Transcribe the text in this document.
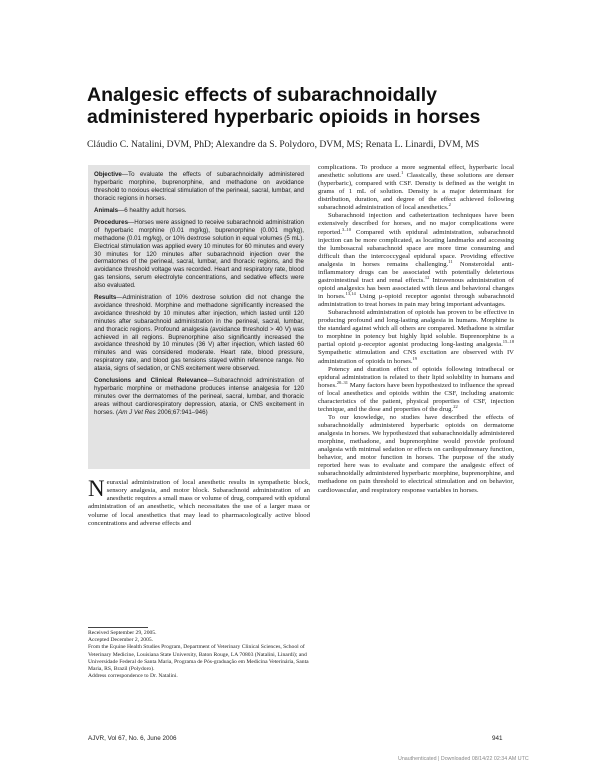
Analgesic effects of subarachnoidally
administered hyperbaric opioids in horses
Cláudio C. Natalini, DVM, PhD; Alexandre da S. Polydoro, DVM, MS; Renata L. Linardi, DVM, MS

Objective—To evaluate the effects of subarachnoidally administered hyperbaric morphine, buprenorphine, and methadone on avoidance threshold to noxious electrical stimulation of the perineal, sacral, lumbar, and thoracic regions in horses.

Animals—6 healthy adult horses.

Procedures—Horses were assigned to receive subarachnoid administration of hyperbaric morphine (0.01 mg/kg), buprenorphine (0.001 mg/kg), methadone (0.01 mg/kg), or 10% dextrose solution in equal volumes (5 mL). Electrical stimulation was applied every 10 minutes for 60 minutes and every 30 minutes for 120 minutes after subarachnoid injection over the dermatomes of the perineal, sacral, lumbar, and thoracic regions, and the avoidance threshold voltage was recorded. Heart and respiratory rate, blood gas tensions, serum electrolyte concentrations, and sedative effects were also evaluated.

Results—Administration of 10% dextrose solution did not change the avoidance threshold. Morphine and methadone significantly increased the avoidance threshold by 10 minutes after injection, which lasted until 120 minutes after subarachnoid administration in the perineal, sacral, lumbar, and thoracic regions. Profound analgesia (avoidance threshold > 40 V) was achieved in all regions. Buprenorphine also significantly increased the avoidance threshold by 10 minutes (36 V) after injection, which lasted 60 minutes and was considered moderate. Heart rate, blood pressure, respiratory rate, and blood gas tensions stayed within reference range. No ataxia, signs of sedation, or CNS excitement were observed.

Conclusions and Clinical Relevance—Subarachnoid administration of hyperbaric morphine or methadone produces intense analgesia for 120 minutes over the dermatomes of the perineal, sacral, lumbar, and thoracic areas without cardiorespiratory depression, ataxia, or CNS excitement in horses. (Am J Vet Res 2006;67:941–946)

Neuraxial administration of local anesthetic results in sympathetic block, sensory analgesia, and motor block. Subarachnoid administration of an anesthetic requires a small mass or volume of drug, compared with epidural administration of an anesthetic, which necessitates the use of a larger mass or volume of local anesthetics that may lead to pharmacologically active blood concentrations and adverse effects and

Received September 29, 2005.

Accepted December 2, 2005.

From the Equine Health Studies Program, Department of Veterinary Clinical Sciences, School of Veterinary Medicine, Louisiana State University, Baton Rouge, LA 70803 (Natalini, Linardi); and Universidade Federal de Santa Maria, Programa de Pós-graduação em Medicina Veterinária, Santa Maria, RS, Brazil (Polydoro).

Address correspondence to Dr. Natalini.

complications. To produce a more segmental effect, hyperbaric local anesthetic solutions are used.$^1$ Classically, these solutions are denser (hyperbaric), compared with CSF. Density is defined as the weight in grams of 1 mL of solution. Density is a major determinant for distribution, duration, and degree of the effect achieved following subarachnoid administration of local anesthetics.$^2$

Subarachnoid injection and catheterization techniques have been extensively described for horses, and no major complications were reported.$^{3-10}$ Compared with epidural administration, subarachnoid injection can be more complicated, as locating landmarks and accessing the lumbosacral subarachnoid space are more time consuming and difficult than the intercoccygeal epidural space. Providing effective analgesia in horses remains challenging.$^{11}$ Nonsteroidal anti-inflammatory drugs can be associated with potentially deleterious gastrointestinal tract and renal effects.$^{12}$ Intravenous administration of opioid analgesics has been associated with ileus and behavioral changes in horses.$^{13,14}$ Using μ-opioid receptor agonist through subarachnoid administration to treat horses in pain may bring important advantages.

Subarachnoid administration of opioids has proven to be effective in producing profound and long-lasting analgesia in humans. Morphine is the standard against which all others are compared. Methadone is similar to morphine in potency but highly lipid soluble. Buprenorphine is a partial opioid μ-receptor agonist producing long-lasting analgesia.$^{15-18}$ Sympathetic stimulation and CNS excitation are observed with IV administration of opioids in horses.$^{19}$

Potency and duration effect of opioids following intrathecal or epidural administration is related to their lipid solubility in humans and horses.$^{20-31}$ Many factors have been hypothesized to influence the spread of local anesthetics and opioids within the CSF, including anatomic characteristics of the patient, physical properties of CSF, injection technique, and the dose and properties of the drug.$^{22}$

To our knowledge, no studies have described the effects of subarachnoidally administered hyperbaric opioids on dermatome analgesia in horses. We hypothesized that subarachnoidally administered morphine, methadone, and buprenorphine would provide profound analgesia with minimal sedation or effects on cardiopulmonary function, behavior, and motor function in horses. The purpose of the study reported here was to evaluate and compare the analgesic effect of subarachnoidally administered hyperbaric morphine, buprenorphine, and methadone on pain threshold to electrical stimulation and on behavior, cardiovascular, and respiratory response variables in horses.

AJVR, Vol 67, No. 6, June 2006	941
Unauthenticated | Downloaded 08/14/22 02:34 AM UTC
